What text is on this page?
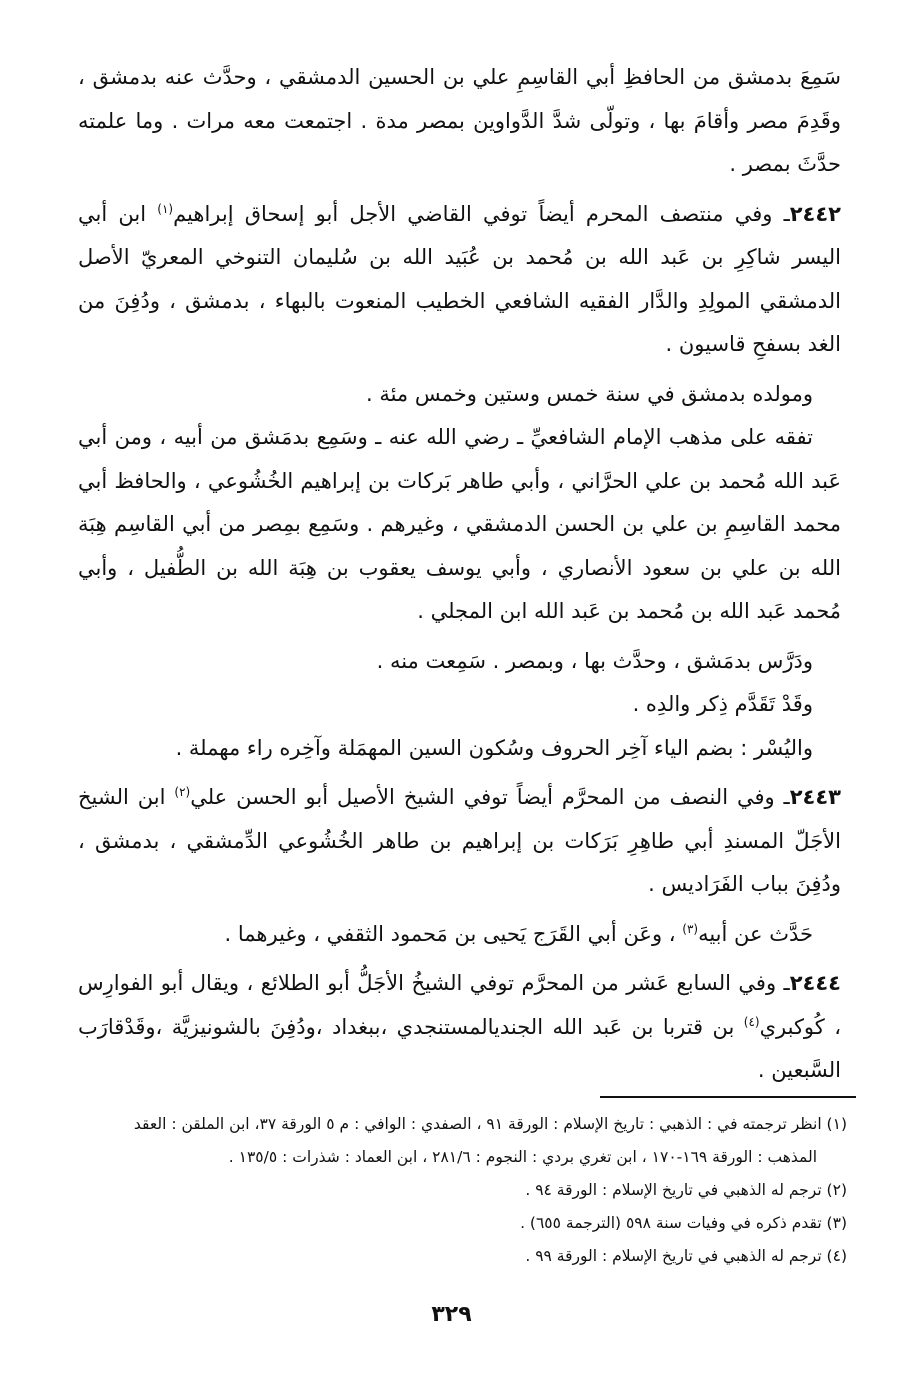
سَمِعَ بدمشق من الحافظِ أبي القاسِمِ علي بن الحسين الدمشقي ، وحدَّث عنه بدمشق ، وقَدِمَ مصر وأقامَ بها ، وتولّى شدَّ الدَّواوين بمصر مدة . اجتمعت معه مرات . وما علمته حدَّثَ بمصر .

٢٤٤٢ـ وفي منتصف المحرم أيضاً توفي القاضي الأجل أبو إسحاق إبراهيم$^{(١)}$ ابن أبي اليسر شاكِرِ بن عَبد الله بن مُحمد بن عُبَيد الله بن سُليمان التنوخي المعريّ الأصل الدمشقي المولِدِ والدَّار الفقيه الشافعي الخطيب المنعوت بالبهاء ، بدمشق ، ودُفِنَ من الغد بسفحِ قاسيون .

ومولده بدمشق في سنة خمس وستين وخمس مئة .

تفقه على مذهب الإمام الشافعيِّ ـ رضي الله عنه ـ وسَمِع بدمَشق من أبيه ، ومن أبي عَبد الله مُحمد بن علي الحرَّاني ، وأبي طاهر بَركات بن إبراهيم الخُشُوعي ، والحافظ أبي محمد القاسِمِ بن علي بن الحسن الدمشقي ، وغيرهم . وسَمِع بمِصر من أبي القاسِم هِبَة الله بن علي بن سعود الأنصاري ، وأبي يوسف يعقوب بن هِبَة الله بن الطُّفيل ، وأبي مُحمد عَبد الله بن مُحمد بن عَبد الله ابن المجلي .

ودَرَّس بدمَشق ، وحدَّث بها ، وبمصر . سَمِعت منه .

وقَدْ تَقَدَّم ذِكر والدِه .

واليُسْر : بضم الياء آخِر الحروف وسُكون السين المهمَلة وآخِره راء مهملة .

٢٤٤٣ـ وفي النصف من المحرَّم أيضاً توفي الشيخ الأصيل أبو الحسن علي$^{(٢)}$ ابن الشيخ الأجَلّ المسندِ أبي طاهِرِ بَرَكات بن إبراهيم بن طاهر الخُشُوعي الدِّمشقي ، بدمشق ، ودُفِنَ بباب الفَرَاديس .

حَدَّث عن أبيه$^{(٣)}$ ، وعَن أبي القَرَج يَحيى بن مَحمود الثقفي ، وغيرهما .

٢٤٤٤ـ وفي السابع عَشر من المحرَّم توفي الشيخُ الأجَلُّ أبو الطلائع ، ويقال أبو الفوارِس ، كُوكبري$^{(٤)}$ بن قتربا بن عَبد الله الجنديالمستنجدي ،ببغداد ،ودُفِنَ بالشونيزيَّة ،وقَدْقارَب السَّبعين .

(١) انظر ترجمته في : الذهبي : تاريخ الإسلام : الورقة ٩١ ، الصفدي : الوافي : م ٥ الورقة ٣٧، ابن الملقن : العقد

المذهب : الورقة ١٦٩-١٧٠ ، ابن تغري بردي : النجوم : ٢٨١/٦ ، ابن العماد : شذرات : ١٣٥/٥ .

(٢) ترجم له الذهبي في تاريخ الإسلام : الورقة ٩٤ .

(٣) تقدم ذكره في وفيات سنة ٥٩٨ (الترجمة ٦٥٥) .

(٤) ترجم له الذهبي في تاريخ الإسلام : الورقة ٩٩ .

٣٢٩
